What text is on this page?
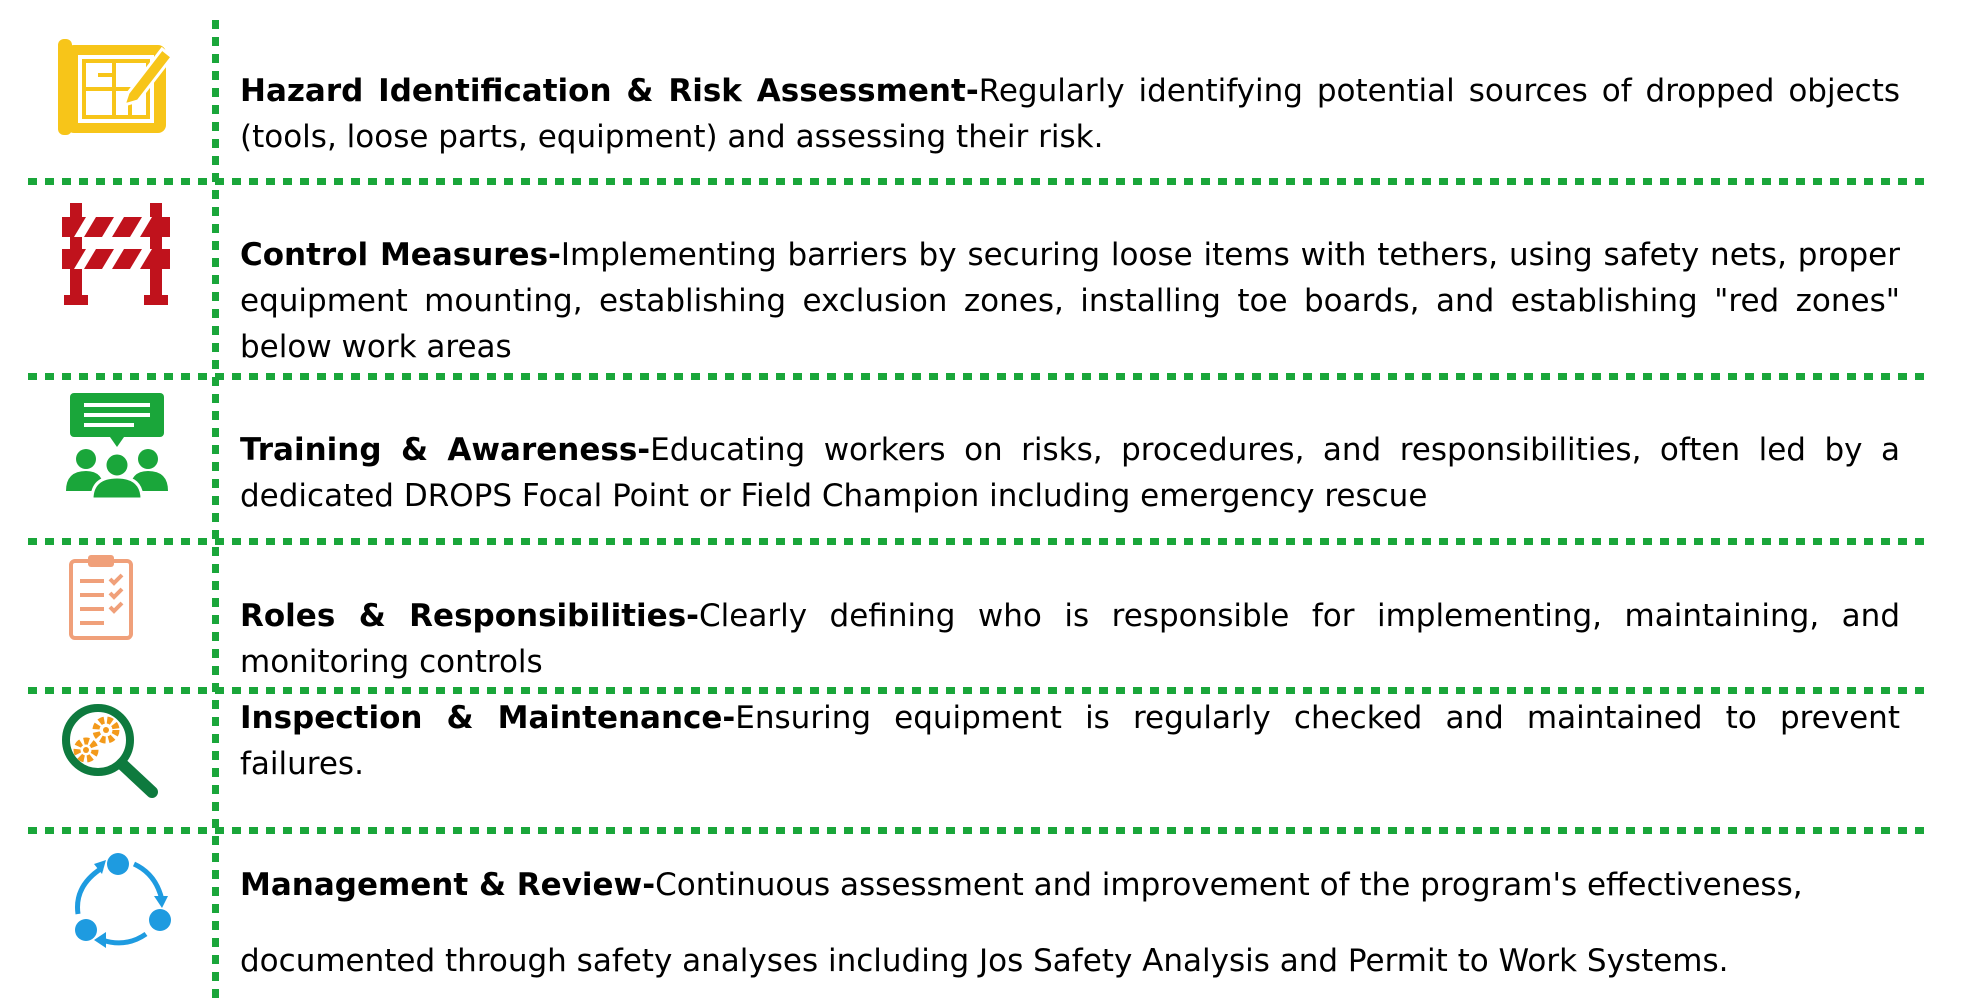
Hazard Identification & Risk Assessment-Regularly identifying potential sources of dropped objects (tools, loose parts, equipment) and assessing their risk.
Control Measures-Implementing barriers by securing loose items with tethers, using safety nets, proper equipment mounting, establishing exclusion zones, installing toe boards, and establishing "red zones" below work areas
Training & Awareness-Educating workers on risks, procedures, and responsibilities, often led by a dedicated DROPS Focal Point or Field Champion including emergency rescue
Roles & Responsibilities-Clearly defining who is responsible for implementing, maintaining, and monitoring controls
Inspection & Maintenance-Ensuring equipment is regularly checked and maintained to prevent failures.
Management & Review-Continuous assessment and improvement of the program's effectiveness,
documented through safety analyses including Jos Safety Analysis and Permit to Work Systems.
